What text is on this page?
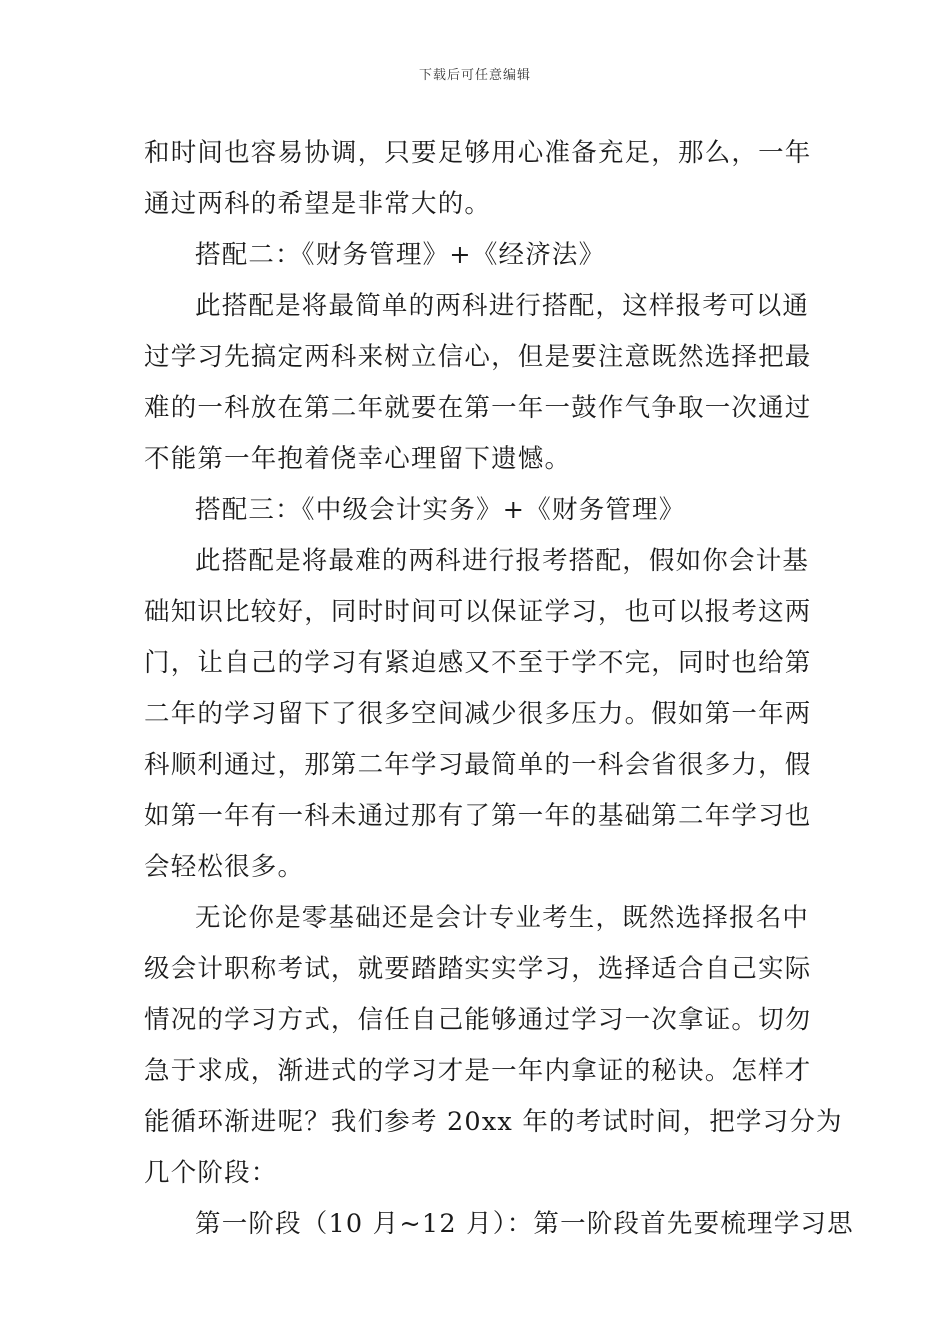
下载后可任意编辑
和时间也容易协调，只要足够用心准备充足，那么，一年
通过两科的希望是非常大的。
搭配二：《财务管理》+《经济法》
此搭配是将最简单的两科进行搭配，这样报考可以通
过学习先搞定两科来树立信心，但是要注意既然选择把最
难的一科放在第二年就要在第一年一鼓作气争取一次通过
不能第一年抱着侥幸心理留下遗憾。
搭配三：《中级会计实务》+《财务管理》
此搭配是将最难的两科进行报考搭配，假如你会计基
础知识比较好，同时时间可以保证学习，也可以报考这两
门，让自己的学习有紧迫感又不至于学不完，同时也给第
二年的学习留下了很多空间减少很多压力。假如第一年两
科顺利通过，那第二年学习最简单的一科会省很多力，假
如第一年有一科未通过那有了第一年的基础第二年学习也
会轻松很多。
无论你是零基础还是会计专业考生，既然选择报名中
级会计职称考试，就要踏踏实实学习，选择适合自己实际
情况的学习方式，信任自己能够通过学习一次拿证。切勿
急于求成，渐进式的学习才是一年内拿证的秘诀。怎样才
能循环渐进呢？我们参考 20xx 年的考试时间，把学习分为
几个阶段：
第一阶段（10 月~12 月）：第一阶段首先要梳理学习思
